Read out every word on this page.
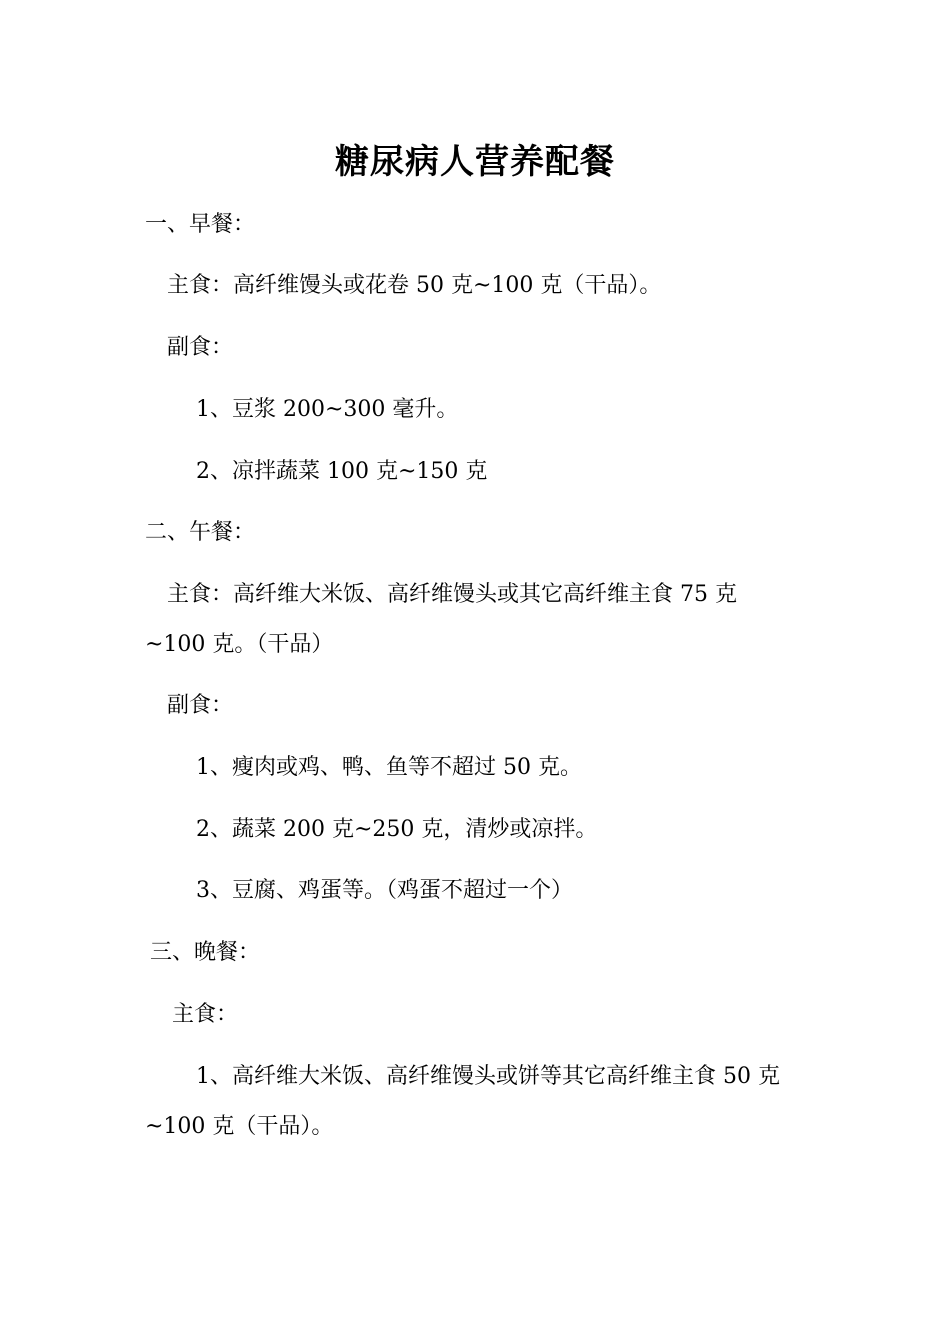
糖尿病人营养配餐
一、早餐：
主食：高纤维馒头或花卷 50 克~100 克（干品）。
副食：
1、豆浆 200~300 毫升。
2、凉拌蔬菜 100 克~150 克
二、午餐：
主食：高纤维大米饭、高纤维馒头或其它高纤维主食 75 克~100 克。（干品）
副食：
1、瘦肉或鸡、鸭、鱼等不超过 50 克。
2、蔬菜 200 克~250 克，清炒或凉拌。
3、豆腐、鸡蛋等。（鸡蛋不超过一个）
三、晚餐：
主食：
1、高纤维大米饭、高纤维馒头或饼等其它高纤维主食 50 克~100 克（干品）。
